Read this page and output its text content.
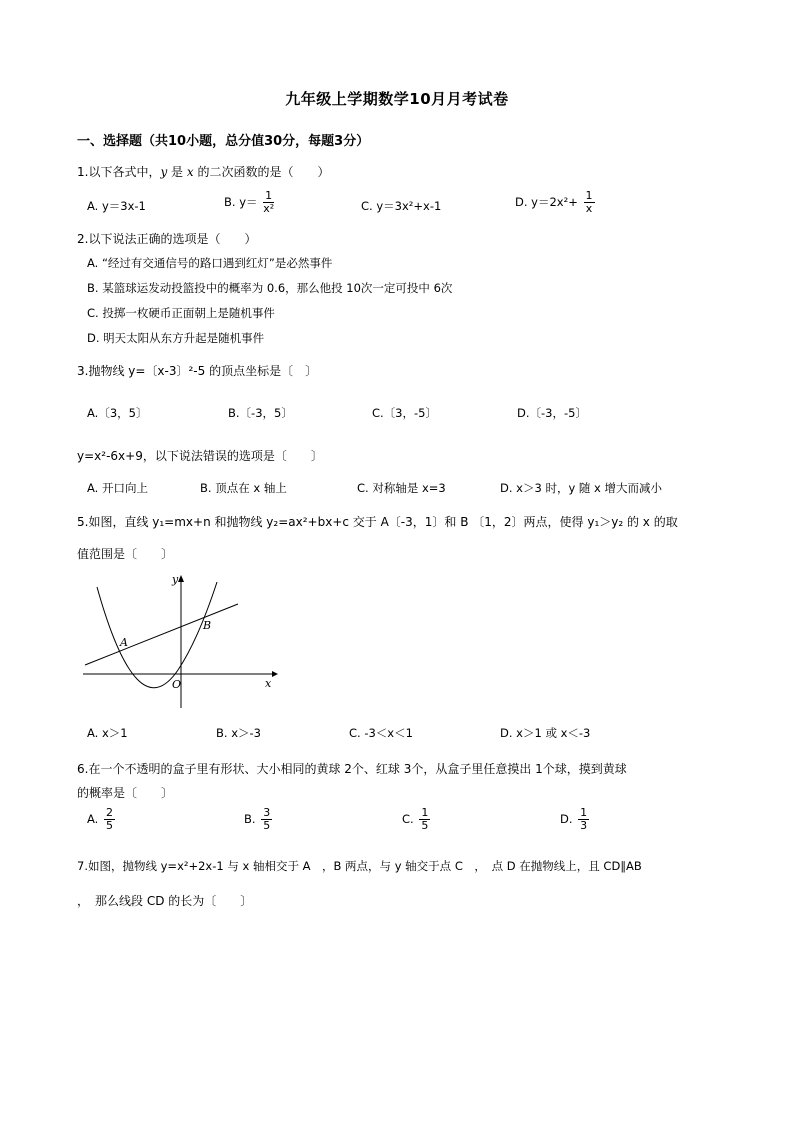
九年级上学期数学10月月考试卷
一、选择题（共10小题，总分值30分，每题3分）
1.以下各式中，y 是 x 的二次函数的是（　　）
A. y＝3x-1	B. $y= \frac{1}{\text{x²}}$	C. y＝3x²+x-1	D. $y=2x^2+ \frac{1}{x}$
2.以下说法正确的选项是（　　）
A. “经过有交通信号的路口遇到红灯”是必然事件
B. 某篮球运发动投篮投中的概率为 0.6，那么他投 10次一定可投中 6次
C. 投掷一枚硬币正面朝上是随机事件
D. 明天太阳从东方升起是随机事件
3.抛物线 y=〔x-3〕²-5 的顶点坐标是〔　〕
A.〔3，5〕	B.〔-3，5〕	C.〔3，-5〕	D.〔-3，-5〕
y=x²-6x+9，以下说法错误的选项是〔　　〕
A. 开口向上	B. 顶点在 x 轴上	C. 对称轴是 x=3	D. x＞3 时，y 随 x 增大而减小
5.如图，直线 y₁=mx+n 和抛物线 y₂=ax²+bx+c 交于 A〔-3，1〕和 B 〔1，2〕两点，使得 y₁＞y₂ 的 x 的取
值范围是〔　　〕
y
x
O
A
B
A. x＞1	B. x＞-3	C. -3＜x＜1	D. x＞1 或 x＜-3
6.在一个不透明的盒子里有形状、大小相同的黄球 2个、红球 3个，从盒子里任意摸出 1个球，摸到黄球
的概率是〔　　〕
A. $\frac{2}{5}$	B. $\frac{3}{5}$	C. $\frac{1}{5}$	D. $\frac{1}{3}$
7.如图，抛物线 y=x²+2x-1 与 x 轴相交于 A　，B 两点，与 y 轴交于点 C　，　点 D 在抛物线上，且 CD∥AB
，　那么线段 CD 的长为〔　　〕
